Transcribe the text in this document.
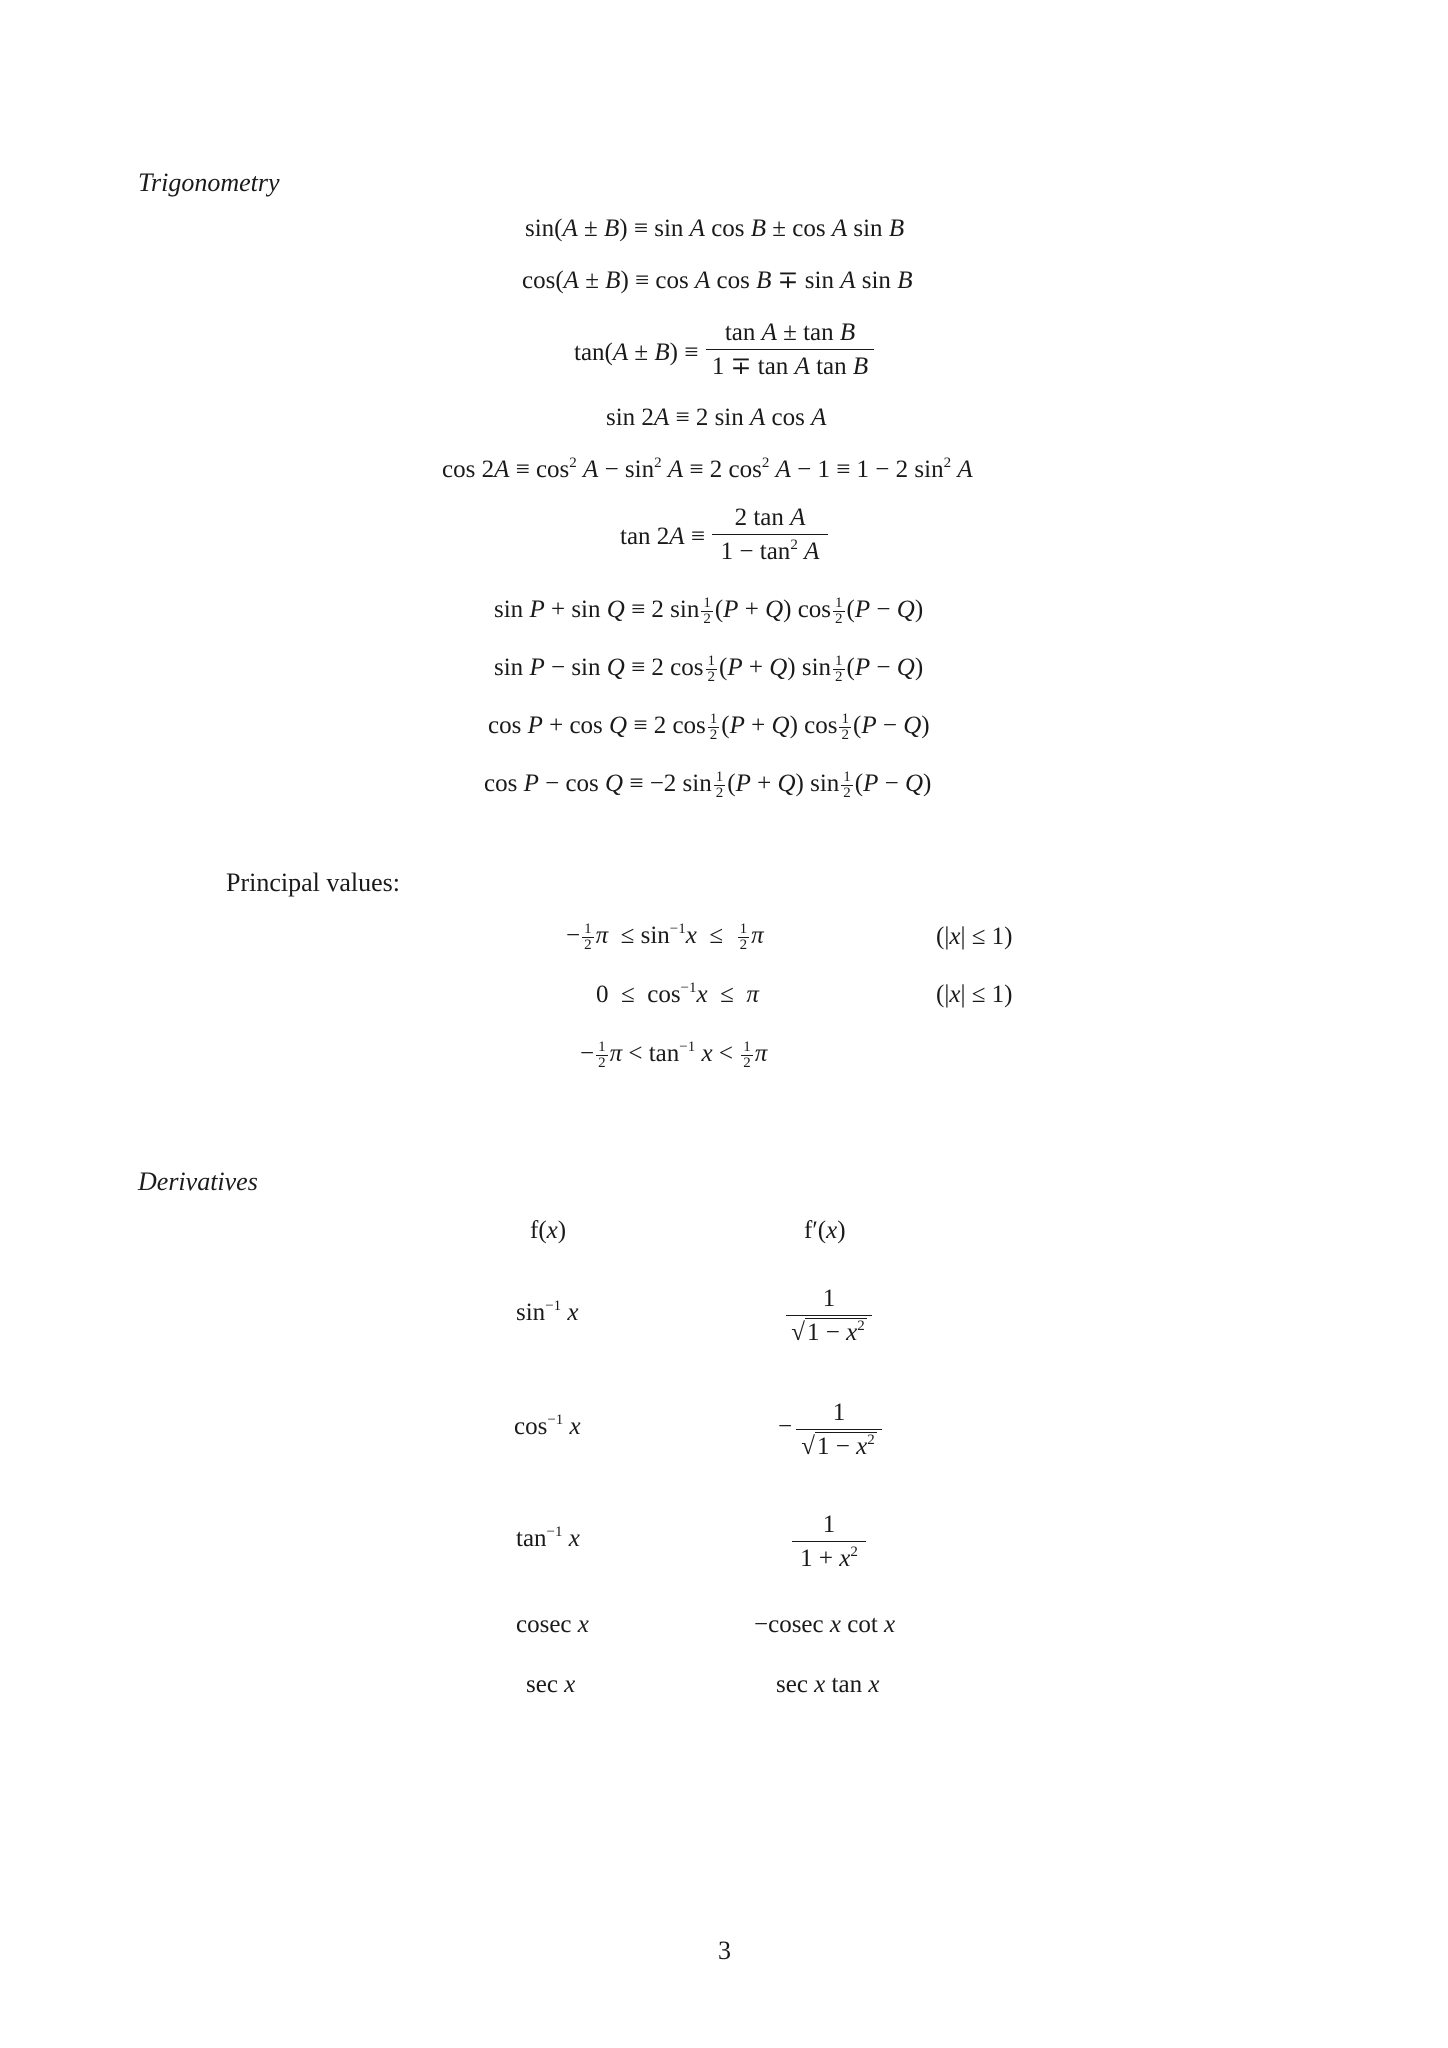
Trigonometry
sin(A ± B) ≡ sin A cos B ± cos A sin B
cos(A ± B) ≡ cos A cos B ∓ sin A sin B
$\tan(A \pm B) \equiv \frac{\text{tan A ± tan B}}{\text{1 ∓ tan A tan B}}$
sin 2A ≡ 2 sin A cos A
$\cos 2A \equiv \cos^2 A - \sin^2 A \equiv 2$ $\cos^2 A - 1 \equiv 1 - 2$ $\sin^2 A$
$\tan 2A \equiv \frac{\text{2 tan A}}{1 - \tan^2 A}$
sin P + sin Q ≡ 2 $\sin \frac{1}{2} (P + Q)$ $\cos \frac{1}{2} (P - Q)$
sin P − sin Q ≡ 2 $\cos \frac{1}{2} (P + Q)$ $\sin \frac{1}{2} (P - Q)$
cos P + cos Q ≡ 2 $\cos \frac{1}{2} (P + Q)$ $\cos \frac{1}{2} (P - Q)$
cos P − cos Q ≡ −2 $\sin \frac{1}{2} (P + Q)$ $\sin \frac{1}{2} (P - Q)$
Principal values:
− $\frac{1}{2}$ $\pi \le \sin^{-1}x \le \frac{1}{2}$ π	(|x| ≤ 1)
$0 \le \cos^{-1}x \le \pi$	(|x| ≤ 1)
− $\frac{1}{2}$ $\pi < \tan^{-1} x < \frac{1}{2}$ π
Derivatives
f(x)	f′(x)
$\sin^{-1} x$	$\frac{1}{√1 - x^2}$
$\cos^{-1} x$	− $\frac{1}{√1 - x^2}$
$\tan^{-1} x$	$\frac{1}{1 + x^2}$
cosec x	−cosec x cot x
sec x	sec x tan x
3
